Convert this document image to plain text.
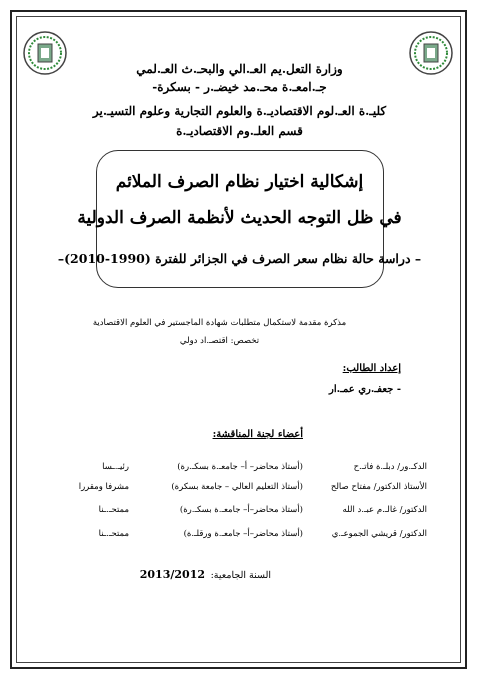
وزارة التعل.يم العـ.الي والبحـ.ث العـ.لمي
جـ.امعـ.ة محـ.مد خيضـ.ر - بسكرة-
كليـ.ة العـ.لوم الاقتصاديـ.ة والعلوم التجارية وعلوم التسيـ.ير
قسم العلـ.وم الاقتصاديـ.ة
إشكالية اختيار نظام الصرف الملائم
في ظل التوجه الحديث لأنظمة الصرف الدولية
– دراسة حالة نظام سعر الصرف في الجزائر للفترة (1990-2010)–
مذكرة مقدمة لاستكمال متطلبات شهادة الماجستير في العلوم الاقتصادية
تخصص: اقتصـ.اد دولي
إعداد الطالب:
- جعفـ.ري عمـ.ار
أعضاء لجنة المناقشة:
الدكـ.ور/ دبلـ.ة فاتـ.ح
(أستاذ محاضر– أ– جامعـ.ة بسكـ.رة)
رئيـ.ـسا
الأستاذ الدكتور/ مفتاح صالح
(أستاذ التعليم العالي – جامعة بسكرة)
مشرفا ومقررا
الدكتور/ غالـ.م عبـ.د الله
(أستاذ محاضر–أ– جامعـ.ة بسكـ.رة)
ممتحـ.ـنا
الدكتور/ قريشي الجموعـ.ي
(أستاذ محاضر–أ– جامعـ.ة ورقلـ.ة)
ممتحـ.ـنا
السنة الجامعية:
2013/2012
